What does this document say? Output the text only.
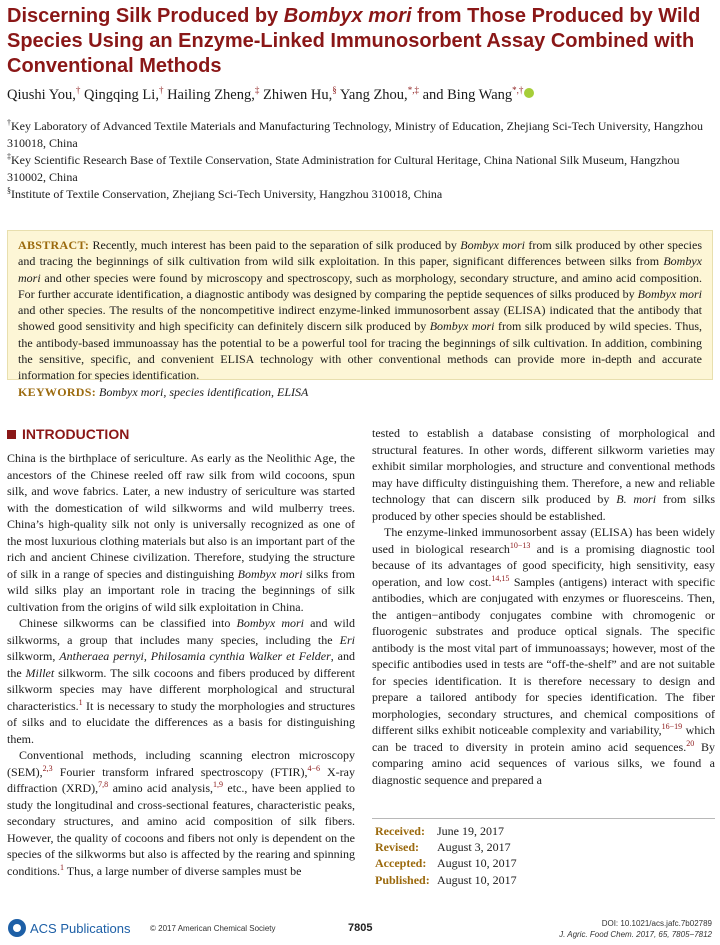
Discerning Silk Produced by Bombyx mori from Those Produced by Wild Species Using an Enzyme-Linked Immunosorbent Assay Combined with Conventional Methods
Qiushi You,† Qingqing Li,† Hailing Zheng,‡ Zhiwen Hu,§ Yang Zhou,*,‡ and Bing Wang*,†

†Key Laboratory of Advanced Textile Materials and Manufacturing Technology, Ministry of Education, Zhejiang Sci-Tech University, Hangzhou 310018, China

‡Key Scientific Research Base of Textile Conservation, State Administration for Cultural Heritage, China National Silk Museum, Hangzhou 310002, China

§Institute of Textile Conservation, Zhejiang Sci-Tech University, Hangzhou 310018, China

ABSTRACT: Recently, much interest has been paid to the separation of silk produced by Bombyx mori from silk produced by other species and tracing the beginnings of silk cultivation from wild silk exploitation. In this paper, significant differences between silks from Bombyx mori and other species were found by microscopy and spectroscopy, such as morphology, secondary structure, and amino acid composition. For further accurate identification, a diagnostic antibody was designed by comparing the peptide sequences of silks produced by Bombyx mori and other species. The results of the noncompetitive indirect enzyme-linked immunosorbent assay (ELISA) indicated that the antibody that showed good sensitivity and high specificity can definitely discern silk produced by Bombyx mori from silk produced by wild species. Thus, the antibody-based immunoassay has the potential to be a powerful tool for tracing the beginnings of silk cultivation. In addition, combining the sensitive, specific, and convenient ELISA technology with other conventional methods can provide more in-depth and accurate information for species identification.
KEYWORDS: Bombyx mori, species identification, ELISA
INTRODUCTION

China is the birthplace of sericulture. As early as the Neolithic Age, the ancestors of the Chinese reeled off raw silk from wild cocoons, spun silk, and wove fabrics. Later, a new industry of sericulture was started with the domestication of wild silkworms and wild mulberry trees. China’s high-quality silk not only is universally recognized as one of the most luxurious clothing materials but also is an important part of the rich and ancient Chinese civilization. Therefore, studying the structure of silk in a range of species and distinguishing Bombyx mori silks from wild silks play an important role in tracing the beginnings of silk cultivation from the origins of wild silk exploitation in China.

Chinese silkworms can be classified into Bombyx mori and wild silkworms, a group that includes many species, including the Eri silkworm, Antheraea pernyi, Philosamia cynthia Walker et Felder, and the Millet silkworm. The silk cocoons and fibers produced by different silkworm species may have different morphological and structural characteristics.$^1$ It is necessary to study the morphologies and structures of silks and to elucidate the differences as a basis for distinguishing them.

Conventional methods, including scanning electron microscopy (SEM),$^{2,3}$ Fourier transform infrared spectroscopy (FTIR),$^{4-6}$ X-ray diffraction (XRD),$^{7,8}$ amino acid analysis,$^{1,9}$ etc., have been applied to study the longitudinal and cross-sectional features, characteristic peaks, secondary structures, and amino acid composition of silk fibers. However, the quality of cocoons and fibers not only is dependent on the species of the silkworms but also is affected by the rearing and spinning conditions.$^1$ Thus, a large number of diverse samples must be

tested to establish a database consisting of morphological and structural features. In other words, different silkworm varieties may exhibit similar morphologies, and structure and conventional methods may have difficulty distinguishing them. Therefore, a new and reliable technology that can discern silk produced by B. mori from silks produced by other species should be established.

The enzyme-linked immunosorbent assay (ELISA) has been widely used in biological research$^{10-13}$ and is a promising diagnostic tool because of its advantages of good specificity, high sensitivity, easy operation, and low cost.$^{14,15}$ Samples (antigens) interact with specific antibodies, which are conjugated with enzymes or fluoresceins. Then, the antigen−antibody conjugates combine with chromogenic or fluorogenic substrates and produce optical signals. The specific antibody is the most vital part of immunoassays; however, most of the specific antibodies used in tests are “off-the-shelf” and are not suitable for species identification. It is therefore necessary to design and prepare a tailored antibody for species identification. The fiber morphologies, secondary structures, and chemical compositions of different silks exhibit noticeable complexity and variability,$^{16-19}$ which can be traced to diversity in protein amino acid sequences.$^{20}$ By comparing amino acid sequences of various silks, we found a diagnostic sequence and prepared a

Received:	June 19, 2017
Revised:	August 3, 2017
Accepted: August 10, 2017
Published: August 10, 2017
ACS Publications © 2017 American Chemical Society	7805	DOI: 10.1021/acs.jafc.7b02789
J. Agric. Food Chem. 2017, 65, 7805−7812
